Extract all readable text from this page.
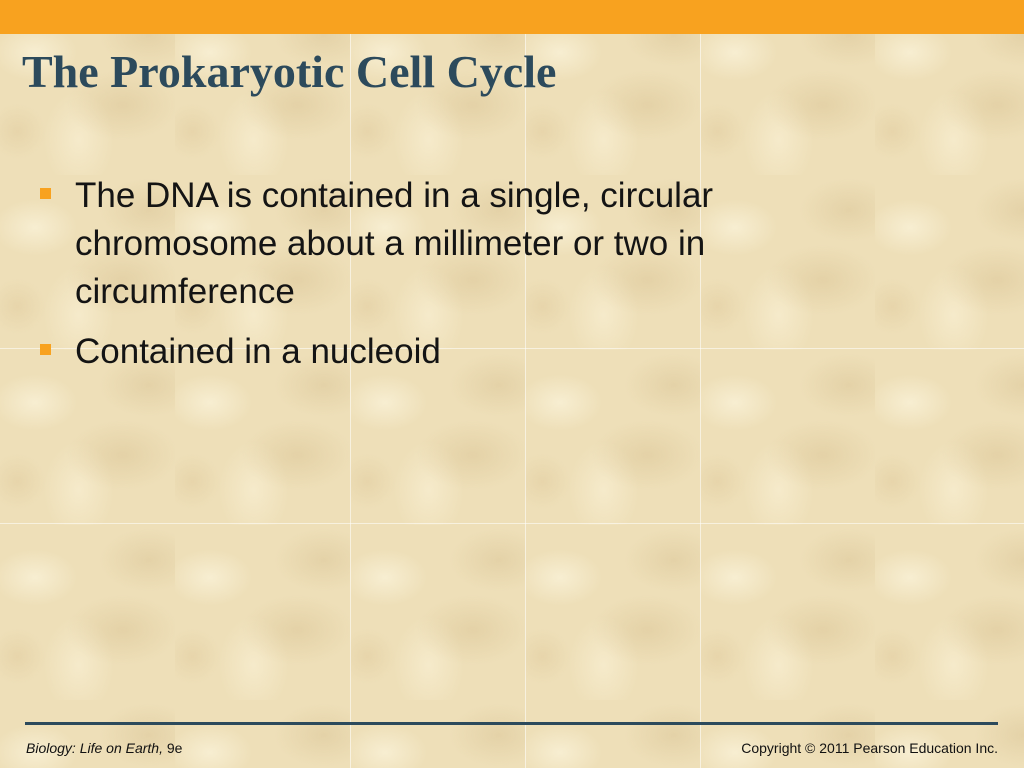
The Prokaryotic Cell Cycle
The DNA is contained in a single, circular chromosome about a millimeter or two in circumference
Contained in a nucleoid
Biology: Life on Earth, 9e	Copyright © 2011 Pearson Education Inc.
